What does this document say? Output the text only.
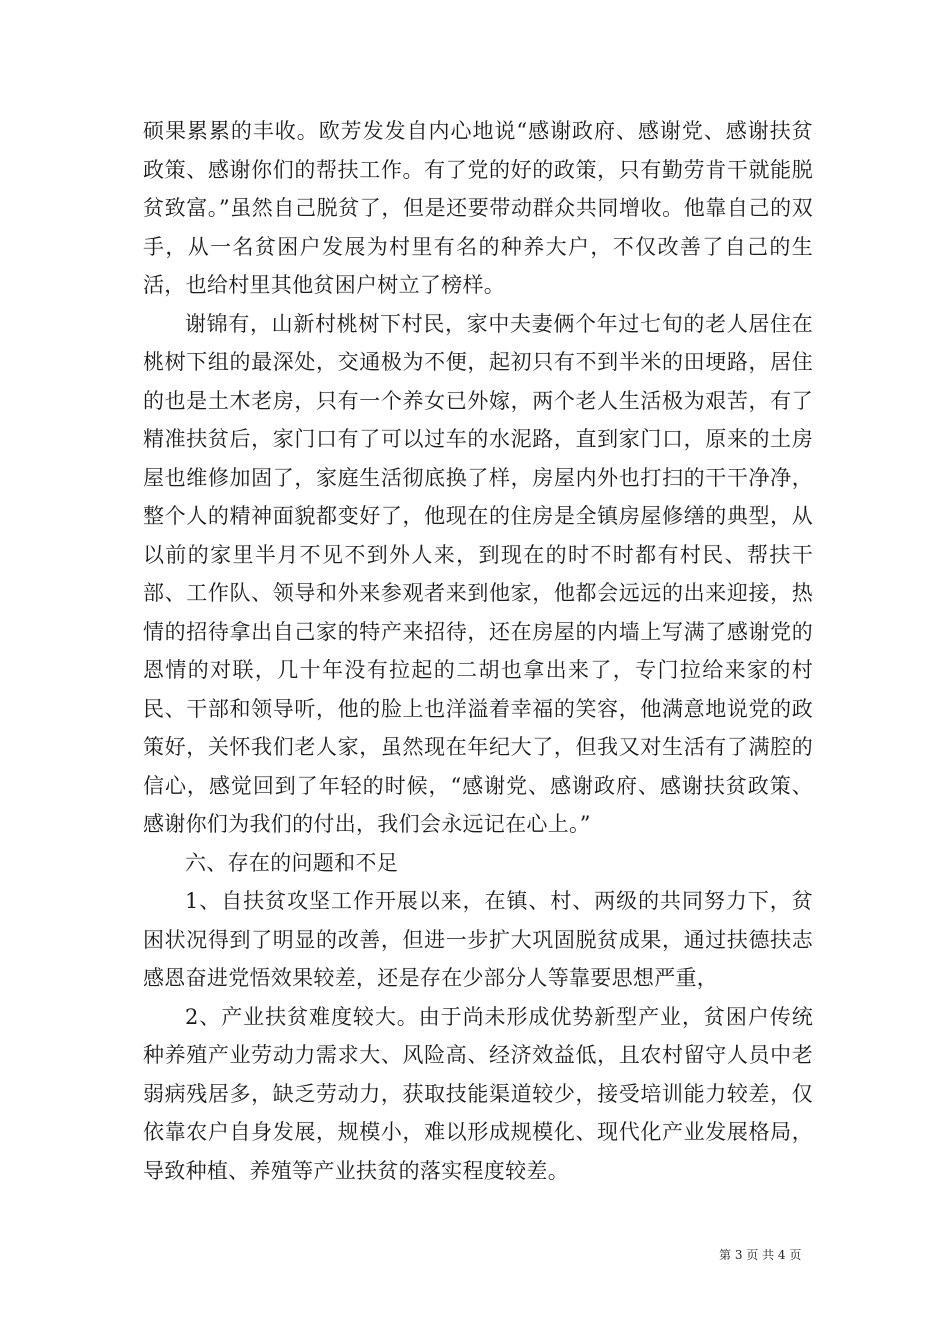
硕果累累的丰收。欧芳发发自内心地说“感谢政府、感谢党、感谢扶贫政策、感谢你们的帮扶工作。有了党的好的政策，只有勤劳肯干就能脱贫致富。”虽然自己脱贫了，但是还要带动群众共同增收。他靠自己的双手，从一名贫困户发展为村里有名的种养大户，不仅改善了自己的生活，也给村里其他贫困户树立了榜样。

谢锦有，山新村桃树下村民，家中夫妻俩个年过七旬的老人居住在桃树下组的最深处，交通极为不便，起初只有不到半米的田埂路，居住的也是土木老房，只有一个养女已外嫁，两个老人生活极为艰苦，有了精准扶贫后，家门口有了可以过车的水泥路，直到家门口，原来的土房屋也维修加固了，家庭生活彻底换了样，房屋内外也打扫的干干净净，整个人的精神面貌都变好了，他现在的住房是全镇房屋修缮的典型，从以前的家里半月不见不到外人来，到现在的时不时都有村民、帮扶干部、工作队、领导和外来参观者来到他家，他都会远远的出来迎接，热情的招待拿出自己家的特产来招待，还在房屋的内墙上写满了感谢党的恩情的对联，几十年没有拉起的二胡也拿出来了，专门拉给来家的村民、干部和领导听，他的脸上也洋溢着幸福的笑容，他满意地说党的政策好，关怀我们老人家，虽然现在年纪大了，但我又对生活有了满腔的信心，感觉回到了年轻的时候，“感谢党、感谢政府、感谢扶贫政策、感谢你们为我们的付出，我们会永远记在心上。”

六、存在的问题和不足

1、自扶贫攻坚工作开展以来，在镇、村、两级的共同努力下，贫困状况得到了明显的改善，但进一步扩大巩固脱贫成果，通过扶德扶志感恩奋进党悟效果较差，还是存在少部分人等靠要思想严重，

2、产业扶贫难度较大。由于尚未形成优势新型产业，贫困户传统种养殖产业劳动力需求大、风险高、经济效益低，且农村留守人员中老弱病残居多，缺乏劳动力，获取技能渠道较少，接受培训能力较差，仅依靠农户自身发展，规模小，难以形成规模化、现代化产业发展格局，导致种植、养殖等产业扶贫的落实程度较差。

第 3 页 共 4 页
